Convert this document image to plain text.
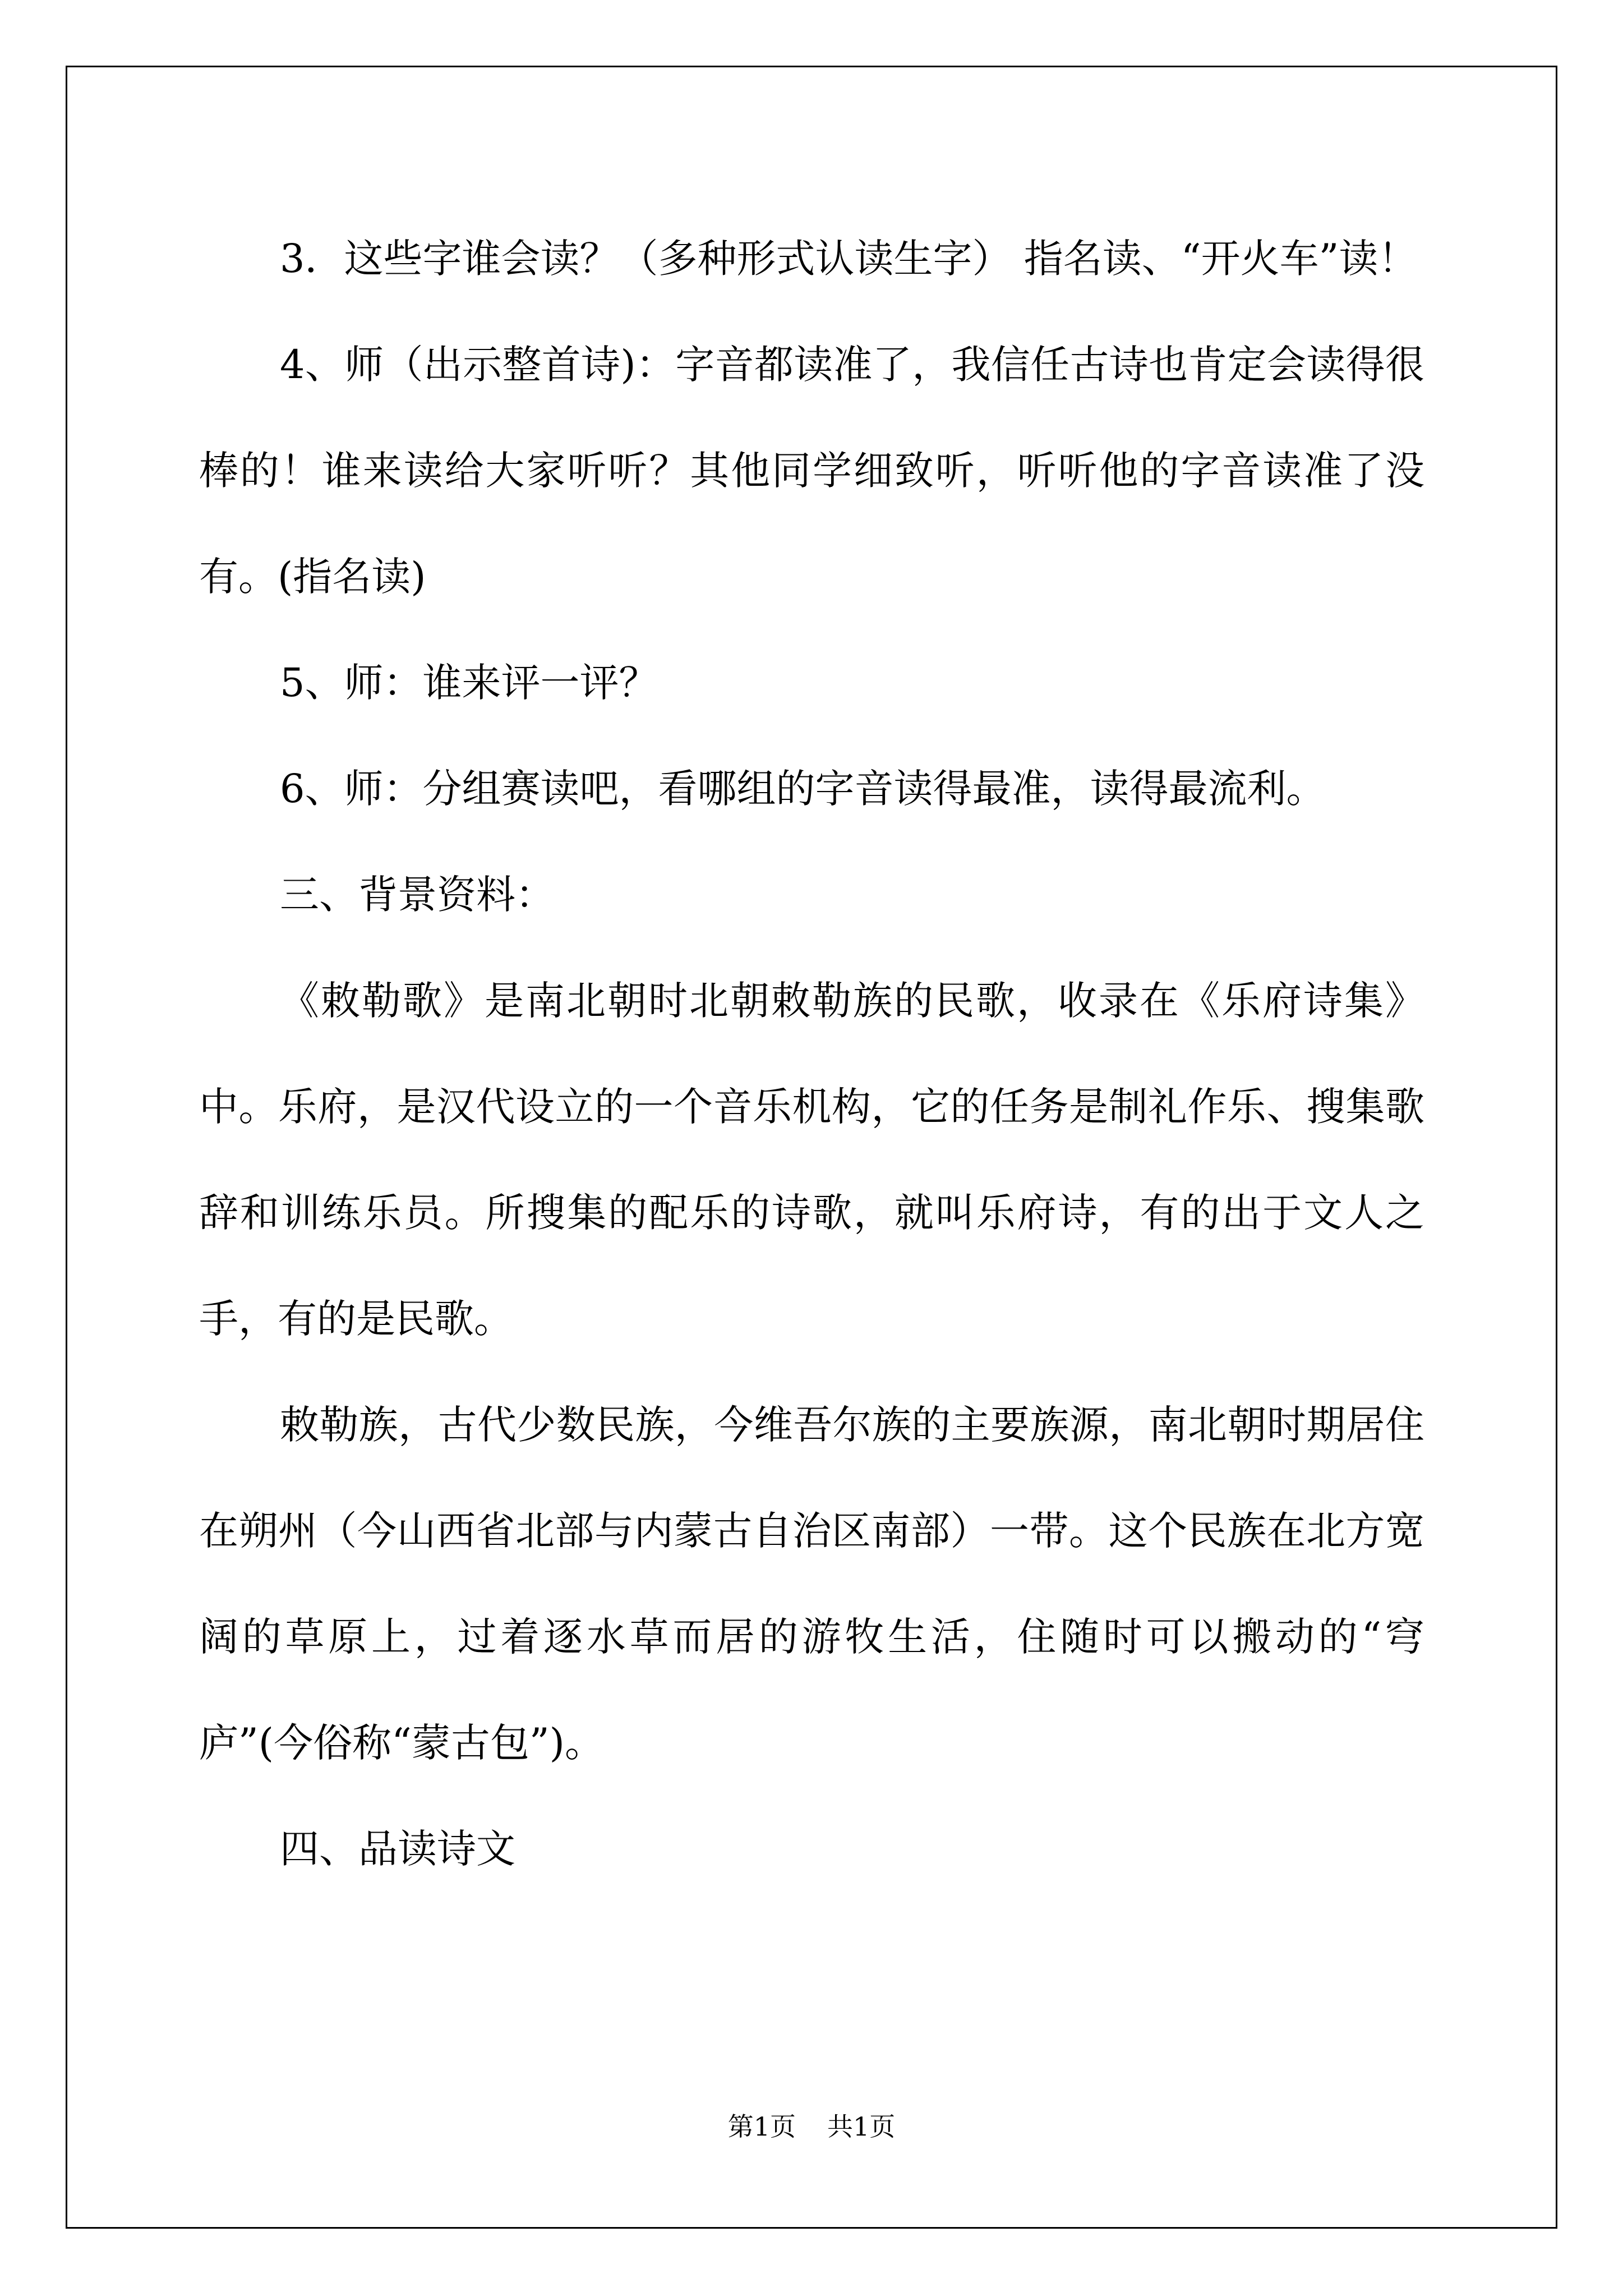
3．这些字谁会读？（多种形式认读生字） 指名读、“开火车”读！

4、师（出示整首诗)：字音都读准了，我信任古诗也肯定会读得很棒的！谁来读给大家听听？其他同学细致听，听听他的字音读准了没有。(指名读)

5、师：谁来评一评？

6、师：分组赛读吧，看哪组的字音读得最准，读得最流利。

三、背景资料：

《敕勒歌》是南北朝时北朝敕勒族的民歌，收录在《乐府诗集》中。乐府，是汉代设立的一个音乐机构，它的任务是制礼作乐、搜集歌辞和训练乐员。所搜集的配乐的诗歌，就叫乐府诗，有的出于文人之手，有的是民歌。

敕勒族，古代少数民族，今维吾尔族的主要族源，南北朝时期居住在朔州（今山西省北部与内蒙古自治区南部）一带。这个民族在北方宽阔的草原上，过着逐水草而居的游牧生活，住随时可以搬动的“穹庐”(今俗称“蒙古包”)。

四、品读诗文

第1页 共1页
